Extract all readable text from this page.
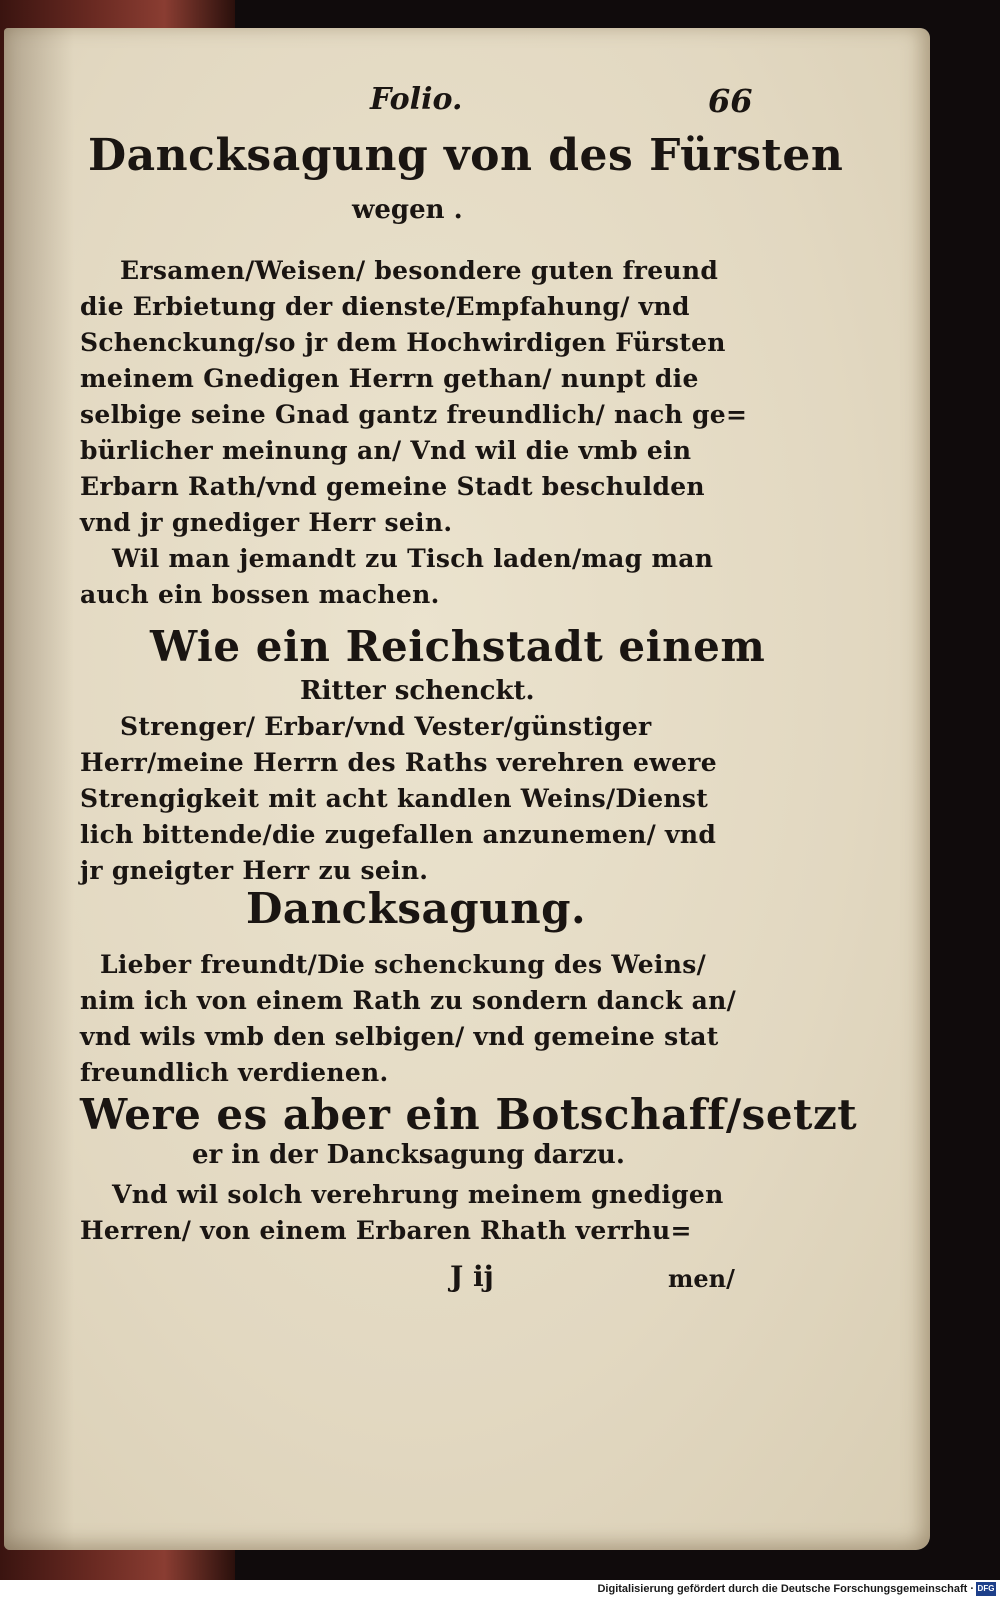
Folio.	66
Dancksagung von des Fürsten
wegen .
Ersamen/Weisen/ besondere guten freund
die Erbietung der dienste/Empfahung/ vnd
Schenckung/so jr dem Hochwirdigen Fürsten
meinem Gnedigen Herrn gethan/ nunpt die
selbige seine Gnad gantz freundlich/ nach ge=
bürlicher meinung an/ Vnd wil die vmb ein
Erbarn Rath/vnd gemeine Stadt beschulden
vnd jr gnediger Herr sein.
Wil man jemandt zu Tisch laden/mag man
auch ein bossen machen.
Wie ein Reichstadt einem
Ritter schenckt.
Strenger/ Erbar/vnd Vester/günstiger
Herr/meine Herrn des Raths verehren ewere
Strengigkeit mit acht kandlen Weins/Dienst
lich bittende/die zugefallen anzunemen/ vnd
jr gneigter Herr zu sein.
Dancksagung.
Lieber freundt/Die schenckung des Weins/
nim ich von einem Rath zu sondern danck an/
vnd wils vmb den selbigen/ vnd gemeine stat
freundlich verdienen.
Were es aber ein Botschaff/setzt
er in der Dancksagung darzu.
Vnd wil solch verehrung meinem gnedigen
Herren/ von einem Erbaren Rhath verrhu=
J ij	men/
Digitalisierung gefördert durch die Deutsche Forschungsgemeinschaft · DFG
